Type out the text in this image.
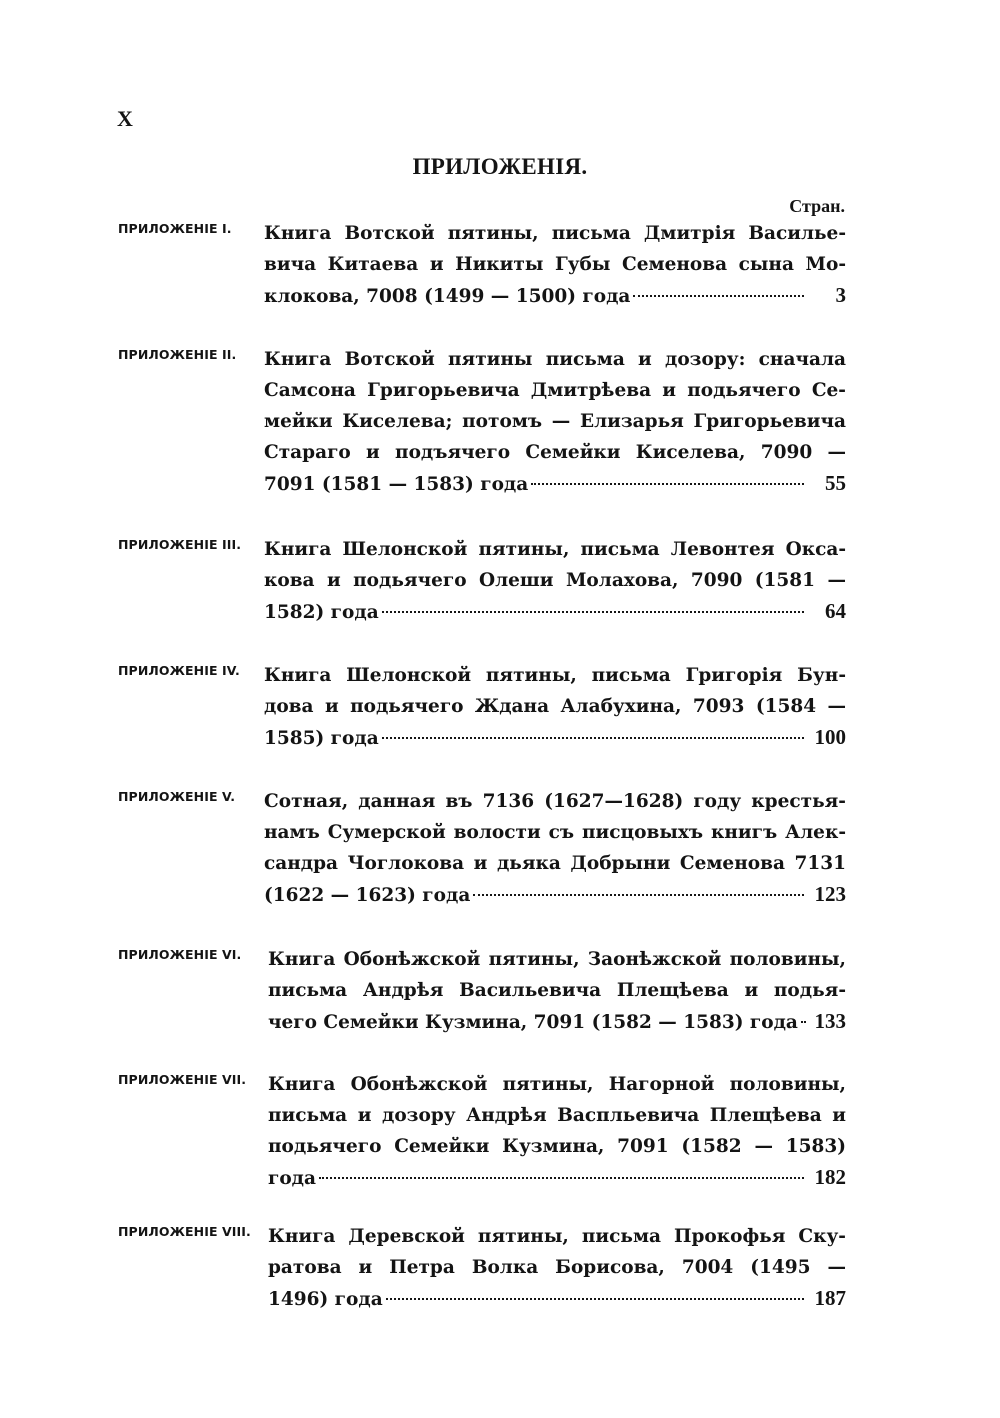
X
ПРИЛОЖЕНІЯ.
Стран.
ПРИЛОЖЕНІЕ I. Книга Вотской пятины, письма Дмитрія Василье-
вича Китаева и Никиты Губы Семенова сына Мо-
клокова, 7008 (1499 — 1500) года	3
ПРИЛОЖЕНІЕ II. Книга Вотской пятины письма и дозору: сначала
Самсона Григорьевича Дмитрѣева и подьячего Се-
мейки Киселева; потомъ — Елизарья Григорьевича
Стараго и подъячего Семейки Киселева, 7090 —
7091 (1581 — 1583) года	55
ПРИЛОЖЕНІЕ III. Книга Шелонской пятины, письма Левонтея Окса-
кова и подьячего Олеши Молахова, 7090 (1581 —
1582) года	64
ПРИЛОЖЕНІЕ IV. Книга Шелонской пятины, письма Григорія Бун-
дова и подьячего Ждана Алабухина, 7093 (1584 —
1585) года	100
ПРИЛОЖЕНІЕ V. Сотная, данная въ 7136 (1627—1628) году крестья-
намъ Сумерской волости съ писцовыхъ книгъ Алек-
сандра Чоглокова и дьяка Добрыни Семенова 7131
(1622 — 1623) года	123
ПРИЛОЖЕНІЕ VI. Книга Обонѣжской пятины, Заонѣжской половины,
письма Андрѣя Васильевича Плещѣева и подья-
чего Семейки Кузмина, 7091 (1582 — 1583) года 133
ПРИЛОЖЕНІЕ VII. Книга Обонѣжской пятины, Нагорной половины,
письма и дозору Андрѣя Васпльевича Плещѣева и
подьячего Семейки Кузмина, 7091 (1582 — 1583)
года	182
ПРИЛОЖЕНІЕ VIII. Книга Деревской пятины, письма Прокофья Ску-
ратова и Петра Волка Борисова, 7004 (1495 —
1496) года	187
